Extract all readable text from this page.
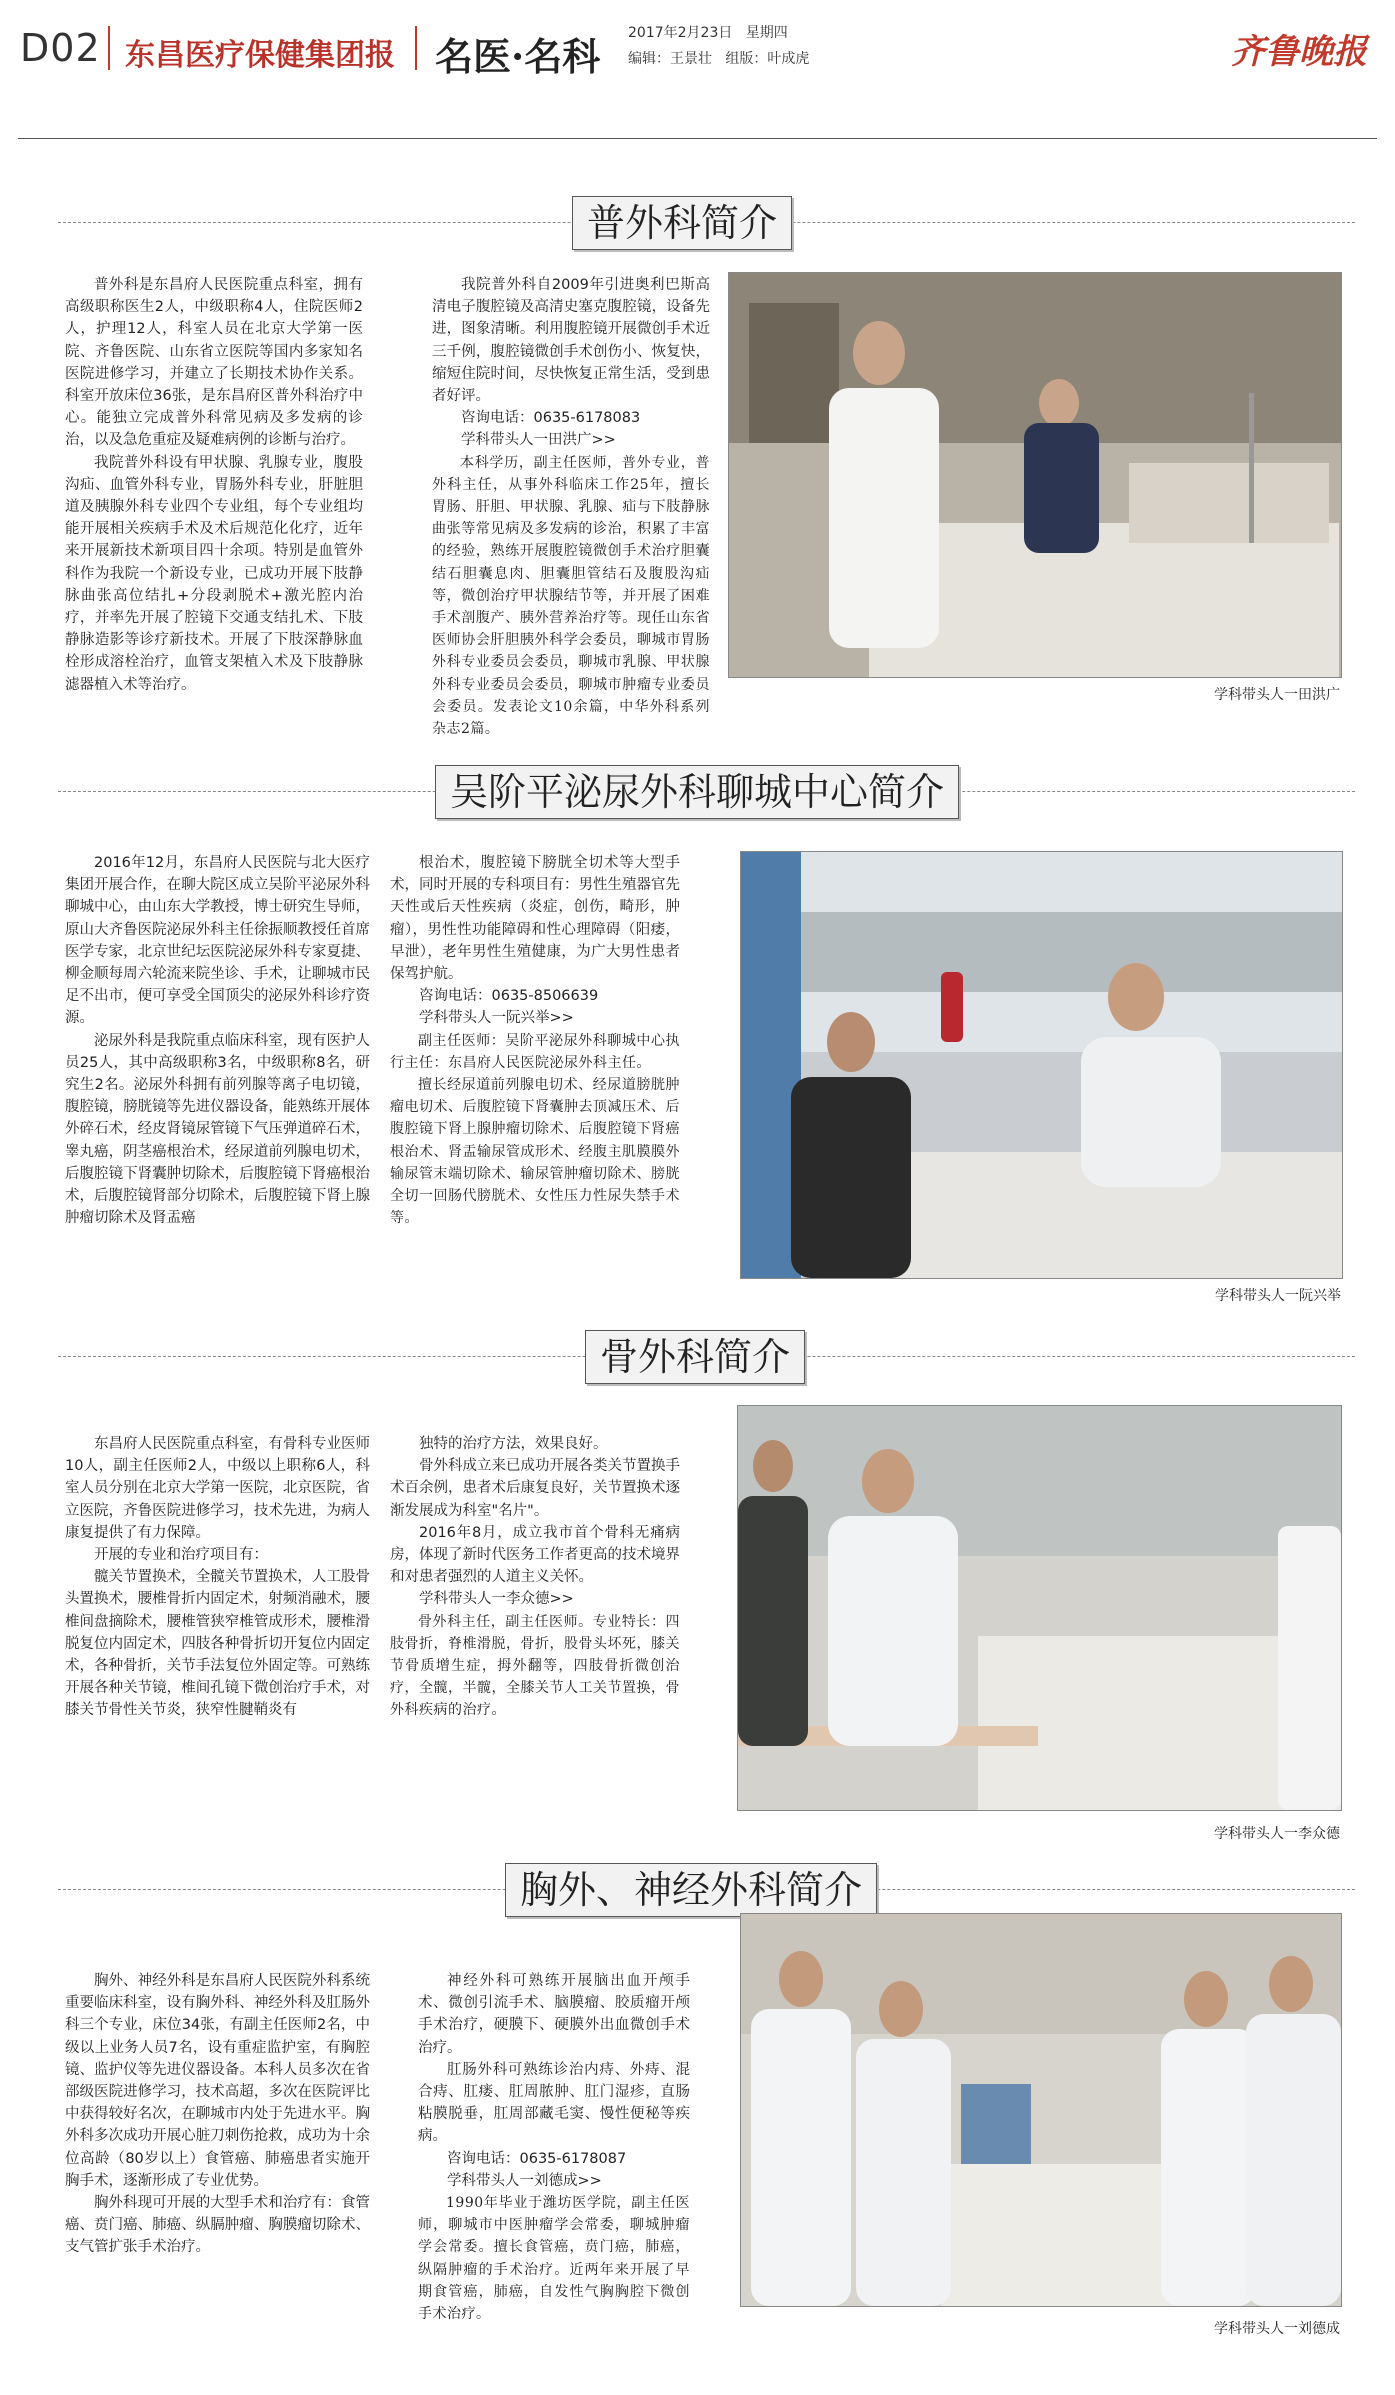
D02 东昌医疗保健集团报 名医·名科
2017年2月23日 星期四
编辑：王景壮 组版：叶成虎	齐鲁晚报
普外科简介

普外科是东昌府人民医院重点科室，拥有高级职称医生2人，中级职称4人，住院医师2人，护理12人，科室人员在北京大学第一医院、齐鲁医院、山东省立医院等国内多家知名医院进修学习，并建立了长期技术协作关系。科室开放床位36张，是东昌府区普外科治疗中心。能独立完成普外科常见病及多发病的诊治，以及急危重症及疑难病例的诊断与治疗。

我院普外科设有甲状腺、乳腺专业，腹股沟疝、血管外科专业，胃肠外科专业，肝脏胆道及胰腺外科专业四个专业组，每个专业组均能开展相关疾病手术及术后规范化化疗，近年来开展新技术新项目四十余项。特别是血管外科作为我院一个新设专业，已成功开展下肢静脉曲张高位结扎+分段剥脱术+激光腔内治疗，并率先开展了腔镜下交通支结扎术、下肢静脉造影等诊疗新技术。开展了下肢深静脉血栓形成溶栓治疗，血管支架植入术及下肢静脉滤器植入术等治疗。

我院普外科自2009年引进奥利巴斯高清电子腹腔镜及高清史塞克腹腔镜，设备先进，图象清晰。利用腹腔镜开展微创手术近三千例，腹腔镜微创手术创伤小、恢复快，缩短住院时间，尽快恢复正常生活，受到患者好评。

咨询电话：0635-6178083

学科带头人一田洪广>>

本科学历，副主任医师，普外专业，普外科主任，从事外科临床工作25年，擅长胃肠、肝胆、甲状腺、乳腺、疝与下肢静脉曲张等常见病及多发病的诊治，积累了丰富的经验，熟练开展腹腔镜微创手术治疗胆囊结石胆囊息肉、胆囊胆管结石及腹股沟疝等，微创治疗甲状腺结节等，并开展了困难手术剖腹产、胰外营养治疗等。现任山东省医师协会肝胆胰外科学会委员，聊城市胃肠外科专业委员会委员，聊城市乳腺、甲状腺外科专业委员会委员，聊城市肿瘤专业委员会委员。发表论文10余篇，中华外科系列杂志2篇。

学科带头人一田洪广
吴阶平泌尿外科聊城中心简介

2016年12月，东昌府人民医院与北大医疗集团开展合作，在聊大院区成立吴阶平泌尿外科聊城中心，由山东大学教授，博士研究生导师，原山大齐鲁医院泌尿外科主任徐振顺教授任首席医学专家，北京世纪坛医院泌尿外科专家夏捷、柳金顺每周六轮流来院坐诊、手术，让聊城市民足不出市，便可享受全国顶尖的泌尿外科诊疗资源。

泌尿外科是我院重点临床科室，现有医护人员25人，其中高级职称3名，中级职称8名，研究生2名。泌尿外科拥有前列腺等离子电切镜，腹腔镜，膀胱镜等先进仪器设备，能熟练开展体外碎石术，经皮肾镜尿管镜下气压弹道碎石术，睾丸癌，阴茎癌根治术，经尿道前列腺电切术，后腹腔镜下肾囊肿切除术，后腹腔镜下肾癌根治术，后腹腔镜肾部分切除术，后腹腔镜下肾上腺肿瘤切除术及肾盂癌

根治术，腹腔镜下膀胱全切术等大型手术，同时开展的专科项目有：男性生殖器官先天性或后天性疾病（炎症，创伤，畸形，肿瘤），男性性功能障碍和性心理障碍（阳痿，早泄），老年男性生殖健康，为广大男性患者保驾护航。

咨询电话：0635-8506639

学科带头人一阮兴举>>

副主任医师：吴阶平泌尿外科聊城中心执行主任：东昌府人民医院泌尿外科主任。

擅长经尿道前列腺电切术、经尿道膀胱肿瘤电切术、后腹腔镜下肾囊肿去顶减压术、后腹腔镜下肾上腺肿瘤切除术、后腹腔镜下肾癌根治术、肾盂输尿管成形术、经腹主肌膜膜外输尿管末端切除术、输尿管肿瘤切除术、膀胱全切一回肠代膀胱术、女性压力性尿失禁手术等。

学科带头人一阮兴举
骨外科简介

东昌府人民医院重点科室，有骨科专业医师10人，副主任医师2人，中级以上职称6人，科室人员分别在北京大学第一医院，北京医院，省立医院，齐鲁医院进修学习，技术先进，为病人康复提供了有力保障。

开展的专业和治疗项目有：

髋关节置换术，全髋关节置换术，人工股骨头置换术，腰椎骨折内固定术，射频消融术，腰椎间盘摘除术，腰椎管狭窄椎管成形术，腰椎滑脱复位内固定术，四肢各种骨折切开复位内固定术，各种骨折，关节手法复位外固定等。可熟练开展各种关节镜，椎间孔镜下微创治疗手术，对膝关节骨性关节炎，狭窄性腱鞘炎有

独特的治疗方法，效果良好。

骨外科成立来已成功开展各类关节置换手术百余例，患者术后康复良好，关节置换术逐渐发展成为科室"名片"。

2016年8月，成立我市首个骨科无痛病房，体现了新时代医务工作者更高的技术境界和对患者强烈的人道主义关怀。

学科带头人一李众德>>

骨外科主任，副主任医师。专业特长：四肢骨折，脊椎滑脱，骨折，股骨头坏死，膝关节骨质增生症，拇外翻等，四肢骨折微创治疗，全髋，半髋，全膝关节人工关节置换，骨外科疾病的治疗。

学科带头人一李众德
胸外、神经外科简介

胸外、神经外科是东昌府人民医院外科系统重要临床科室，设有胸外科、神经外科及肛肠外科三个专业，床位34张，有副主任医师2名，中级以上业务人员7名，设有重症监护室，有胸腔镜、监护仪等先进仪器设备。本科人员多次在省部级医院进修学习，技术高超，多次在医院评比中获得较好名次，在聊城市内处于先进水平。胸外科多次成功开展心脏刀刺伤抢救，成功为十余位高龄（80岁以上）食管癌、肺癌患者实施开胸手术，逐渐形成了专业优势。

胸外科现可开展的大型手术和治疗有：食管癌、贲门癌、肺癌、纵膈肿瘤、胸膜瘤切除术、支气管扩张手术治疗。

神经外科可熟练开展脑出血开颅手术、微创引流手术、脑膜瘤、胶质瘤开颅手术治疗，硬膜下、硬膜外出血微创手术治疗。

肛肠外科可熟练诊治内痔、外痔、混合痔、肛瘘、肛周脓肿、肛门湿疹，直肠粘膜脱垂，肛周部藏毛窦、慢性便秘等疾病。

咨询电话：0635-6178087

学科带头人一刘德成>>

1990年毕业于潍坊医学院，副主任医师，聊城市中医肿瘤学会常委，聊城肿瘤学会常委。擅长食管癌，贲门癌，肺癌，纵隔肿瘤的手术治疗。近两年来开展了早期食管癌，肺癌，自发性气胸胸腔下微创手术治疗。

学科带头人一刘德成
